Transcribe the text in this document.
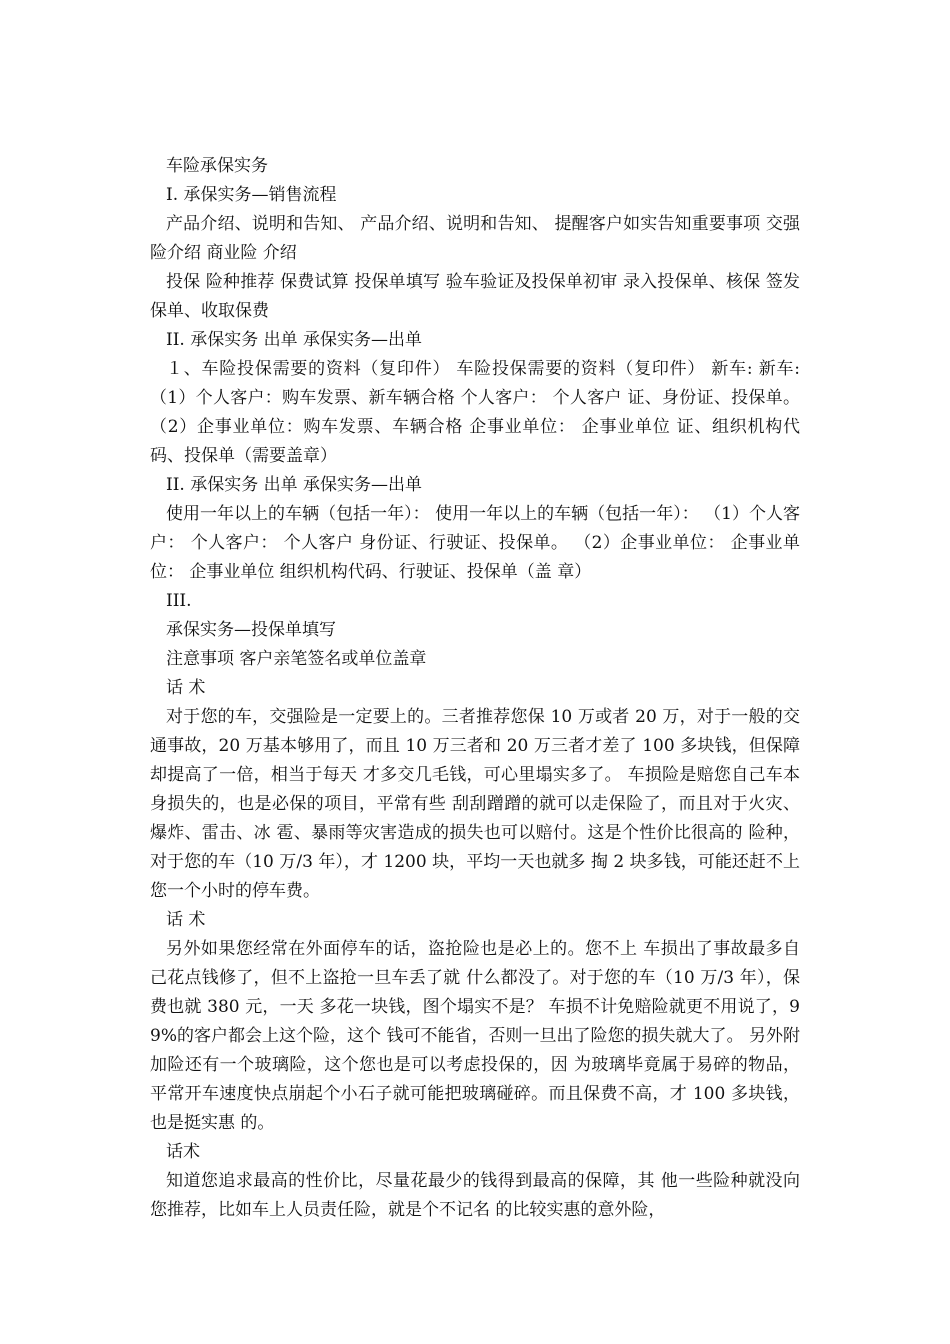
车险承保实务

I. 承保实务—销售流程

产品介绍、说明和告知、 产品介绍、说明和告知、 提醒客户如实告知重要事项 交强险介绍 商业险 介绍

投保 险种推荐 保费试算 投保单填写 验车验证及投保单初审 录入投保单、核保 签发保单、收取保费

II. 承保实务 出单 承保实务—出单

１、车险投保需要的资料（复印件） 车险投保需要的资料（复印件） 新车: 新车: （1）个人客户：购车发票、新车辆合格 个人客户： 个人客户 证、身份证、投保单。 （2）企事业单位：购车发票、车辆合格 企事业单位： 企事业单位 证、组织机构代码、投保单（需要盖章）

II. 承保实务 出单 承保实务—出单

使用一年以上的车辆（包括一年）： 使用一年以上的车辆（包括一年）： （1）个人客户： 个人客户： 个人客户 身份证、行驶证、投保单。 （2）企事业单位： 企事业单位： 企事业单位 组织机构代码、行驶证、投保单（盖 章）

III.

承保实务—投保单填写

注意事项 客户亲笔签名或单位盖章

话 术

对于您的车，交强险是一定要上的。三者推荐您保 10 万或者 20 万，对于一般的交通事故，20 万基本够用了，而且 10 万三者和 20 万三者才差了 100 多块钱，但保障却提高了一倍，相当于每天 才多交几毛钱，可心里塌实多了。 车损险是赔您自己车本身损失的，也是必保的项目，平常有些 刮刮蹭蹭的就可以走保险了，而且对于火灾、爆炸、雷击、冰 雹、暴雨等灾害造成的损失也可以赔付。这是个性价比很高的 险种，对于您的车（10 万/3 年），才 1200 块，平均一天也就多 掏 2 块多钱，可能还赶不上您一个小时的停车费。

话 术

另外如果您经常在外面停车的话，盗抢险也是必上的。您不上 车损出了事故最多自己花点钱修了，但不上盗抢一旦车丢了就 什么都没了。对于您的车（10 万/3 年），保费也就 380 元，一天 多花一块钱，图个塌实不是？ 车损不计免赔险就更不用说了，99%的客户都会上这个险，这个 钱可不能省，否则一旦出了险您的损失就大了。 另外附加险还有一个玻璃险，这个您也是可以考虑投保的，因 为玻璃毕竟属于易碎的物品，平常开车速度快点崩起个小石子就可能把玻璃碰碎。而且保费不高，才 100 多块钱，也是挺实惠 的。

话术

知道您追求最高的性价比，尽量花最少的钱得到最高的保障，其 他一些险种就没向您推荐，比如车上人员责任险，就是个不记名 的比较实惠的意外险，
